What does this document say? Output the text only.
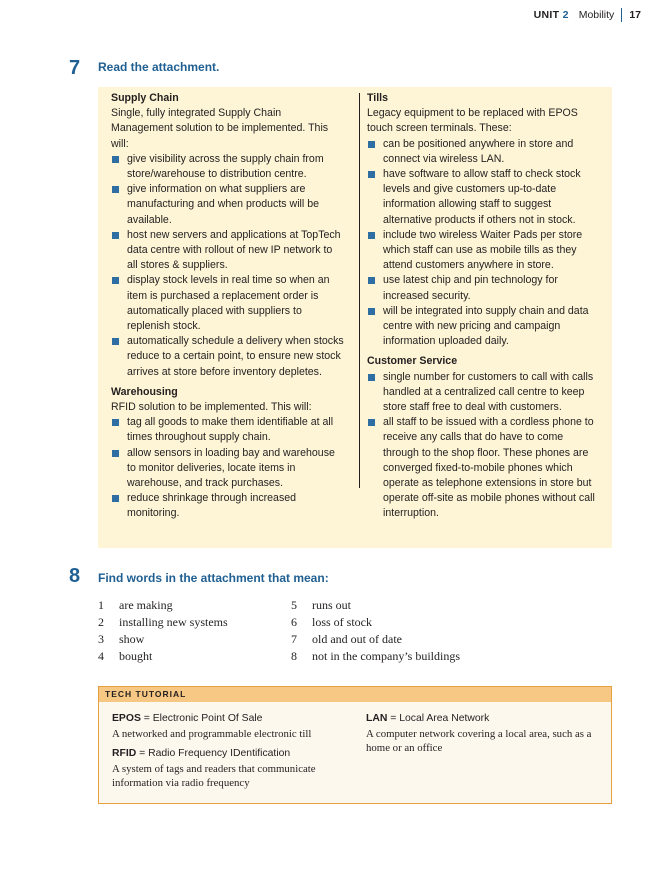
UNIT 2 Mobility 17
7 Read the attachment.
Supply Chain

Single, fully integrated Supply Chain Management solution to be implemented. This will:

give visibility across the supply chain from store/warehouse to distribution centre.
give information on what suppliers are manufacturing and when products will be available.
host new servers and applications at TopTech data centre with rollout of new IP network to all stores & suppliers.
display stock levels in real time so when an item is purchased a replacement order is automatically placed with suppliers to replenish stock.
automatically schedule a delivery when stocks reduce to a certain point, to ensure new stock arrives at store before inventory depletes.
Warehousing

RFID solution to be implemented. This will:

tag all goods to make them identifiable at all times throughout supply chain.
allow sensors in loading bay and warehouse to monitor deliveries, locate items in warehouse, and track purchases.
reduce shrinkage through increased monitoring.
Tills

Legacy equipment to be replaced with EPOS touch screen terminals. These:

can be positioned anywhere in store and connect via wireless LAN.
have software to allow staff to check stock levels and give customers up-to-date information allowing staff to suggest alternative products if others not in stock.
include two wireless Waiter Pads per store which staff can use as mobile tills as they attend customers anywhere in store.
use latest chip and pin technology for increased security.
will be integrated into supply chain and data centre with new pricing and campaign information uploaded daily.
Customer Service
single number for customers to call with calls handled at a centralized call centre to keep store staff free to deal with customers.
all staff to be issued with a cordless phone to receive any calls that do have to come through to the shop floor. These phones are converged fixed-to-mobile phones which operate as telephone extensions in store but operate off-site as mobile phones without call interruption.
8 Find words in the attachment that mean:
1	are making
2	installing new systems
3	show
4	bought
5	runs out
6	loss of stock
7	old and out of date
8	not in the company’s buildings
TECH TUTORIAL
EPOS = Electronic Point Of Sale
A networked and programmable electronic till
RFID = Radio Frequency IDentification
A system of tags and readers that communicate information via radio frequency
LAN = Local Area Network
A computer network covering a local area, such as a home or an office
